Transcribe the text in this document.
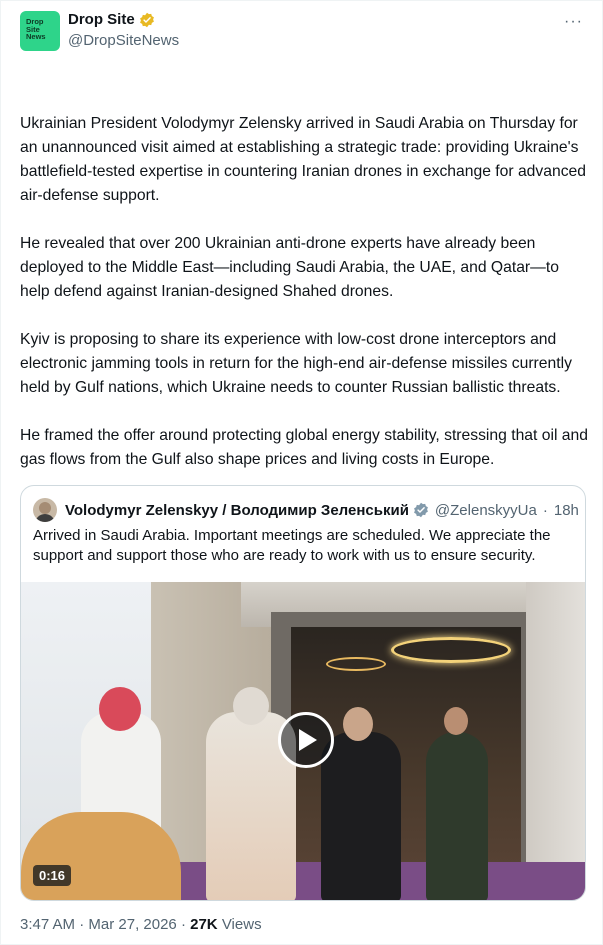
Drop
Site
News
Drop Site
@DropSiteNews
···

Ukrainian President Volodymyr Zelensky arrived in Saudi Arabia on Thursday for an unannounced visit aimed at establishing a strategic trade: providing Ukraine's battlefield-tested expertise in countering Iranian drones in exchange for advanced air-defense support.

He revealed that over 200 Ukrainian anti-drone experts have already been deployed to the Middle East—including Saudi Arabia, the UAE, and Qatar—to help defend against Iranian-designed Shahed drones.

Kyiv is proposing to share its experience with low-cost drone interceptors and electronic jamming tools in return for the high-end air-defense missiles currently held by Gulf nations, which Ukraine needs to counter Russian ballistic threats.

He framed the offer around protecting global energy stability, stressing that oil and gas flows from the Gulf also shape prices and living costs in Europe.

Volodymyr Zelenskyy / Володимир Зеленський @ZelenskyyUa · 18h
Arrived in Saudi Arabia. Important meetings are scheduled. We appreciate the support and support those who are ready to work with us to ensure security.
0:16
3:47 AM · Mar 27, 2026 · 27K Views
